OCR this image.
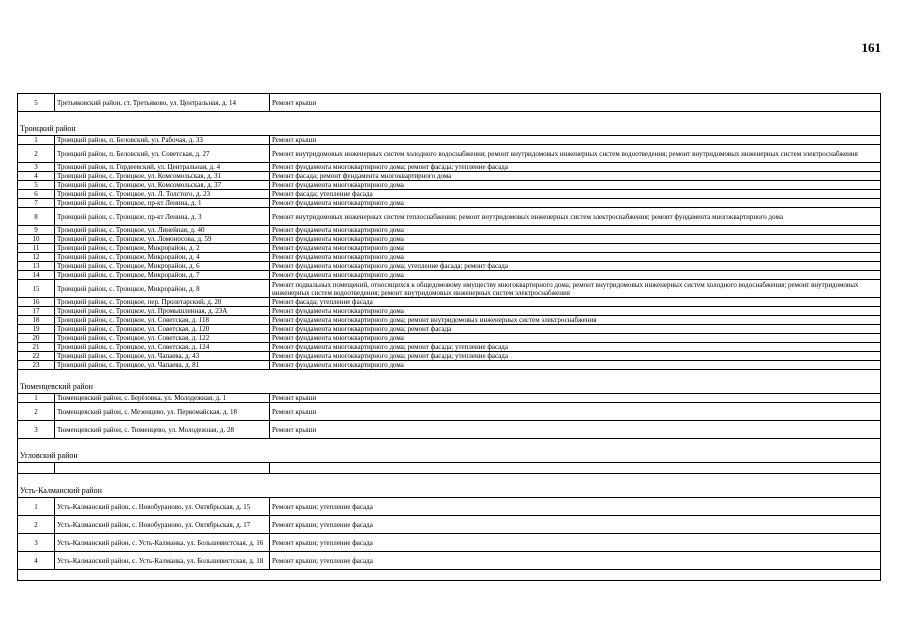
161
5	Третьяковский район, ст. Третьяково, ул. Центральная, д. 14	Ремонт крыши
Троицкий район
1	Троицкий район, п. Беловский, ул. Рабочая, д. 33	Ремонт крыши
2	Троицкий район, п. Беловский, ул. Советская, д. 27	Ремонт внутридомовых инженерных систем холодного водоснабжения; ремонт внутридомовых инженерных систем водоотведения; ремонт внутридомовых инженерных систем электроснабжения
3	Троицкий район, п. Гордеевский, ул. Центральная, д. 4	Ремонт фундамента многоквартирного дома; ремонт фасада; утепление фасада
4	Троицкий район, с. Троицкое, ул. Комсомольская, д. 31	Ремонт фасада; ремонт фундамента многоквартирного дома
5	Троицкий район, с. Троицкое, ул. Комсомольская, д. 37	Ремонт фундамента многоквартирного дома
6	Троицкий район, с. Троицкое, ул. Л. Толстого, д. 23	Ремонт фасада; утепление фасада
7	Троицкий район, с. Троицкое, пр-кт Ленина, д. 1	Ремонт фундамента многоквартирного дома
8	Троицкий район, с. Троицкое, пр-кт Ленина, д. 3	Ремонт внутридомовых инженерных систем теплоснабжения; ремонт внутридомовых инженерных систем электроснабжения; ремонт фундамента многоквартирного дома
9	Троицкий район, с. Троицкое, ул. Линейная, д. 40	Ремонт фундамента многоквартирного дома
10	Троицкий район, с. Троицкое, ул. Ломоносова, д. 59	Ремонт фундамента многоквартирного дома
11	Троицкий район, с. Троицкое, Микрорайон, д. 2	Ремонт фундамента многоквартирного дома
12	Троицкий район, с. Троицкое, Микрорайон, д. 4	Ремонт фундамента многоквартирного дома
13	Троицкий район, с. Троицкое, Микрорайон, д. 6	Ремонт фундамента многоквартирного дома; утепление фасада; ремонт фасада
14	Троицкий район, с. Троицкое, Микрорайон, д. 7	Ремонт фундамента многоквартирного дома
15	Троицкий район, с. Троицкое, Микрорайон, д. 8	Ремонт подвальных помещений, относящихся к общедомовому имуществу многоквартирного дома; ремонт внутридомовых инженерных систем холодного водоснабжения; ремонт внутридомовых инженерных систем водоотведения; ремонт внутридомовых инженерных систем электроснабжения
16	Троицкий район, с. Троицкое, пер. Пролетарский, д. 20	Ремонт фасада; утепление фасада
17	Троицкий район, с. Троицкое, ул. Промышленная, д. 23А	Ремонт фундамента многоквартирного дома
18	Троицкий район, с. Троицкое, ул. Советская, д. 118	Ремонт фундамента многоквартирного дома; ремонт внутридомовых инженерных систем электроснабжения
19	Троицкий район, с. Троицкое, ул. Советская, д. 120	Ремонт фундамента многоквартирного дома; ремонт фасада
20	Троицкий район, с. Троицкое, ул. Советская, д. 122	Ремонт фундамента многоквартирного дома
21	Троицкий район, с. Троицкое, ул. Советская, д. 124	Ремонт фундамента многоквартирного дома; ремонт фасада; утепление фасада
22	Троицкий район, с. Троицкое, ул. Чапаева, д. 43	Ремонт фундамента многоквартирного дома; ремонт фасада; утепление фасада
23	Троицкий район, с. Троицкое, ул. Чапаева, д. 81	Ремонт фундамента многоквартирного дома
Тюменцевский район
1	Тюменцевский район, с. Берёзовка, ул. Молодежная, д. 1	Ремонт крыши
2	Тюменцевский район, с. Мезенцево, ул. Первомайская, д. 18	Ремонт крыши
3	Тюменцевский район, с. Тюменцево, ул. Молодежная, д. 28	Ремонт крыши
Угловский район

Усть-Калманский район
1	Усть-Калманский район, с. Новобураново, ул. Октябрьская, д. 15	Ремонт крыши; утепление фасада
2	Усть-Калманский район, с. Новобураново, ул. Октябрьская, д. 17	Ремонт крыши; утепление фасада
3	Усть-Калманский район, с. Усть-Калманка, ул. Большевистская, д. 16	Ремонт крыши; утепление фасада
4	Усть-Калманский район, с. Усть-Калманка, ул. Большевистская, д. 18	Ремонт крыши; утепление фасада
